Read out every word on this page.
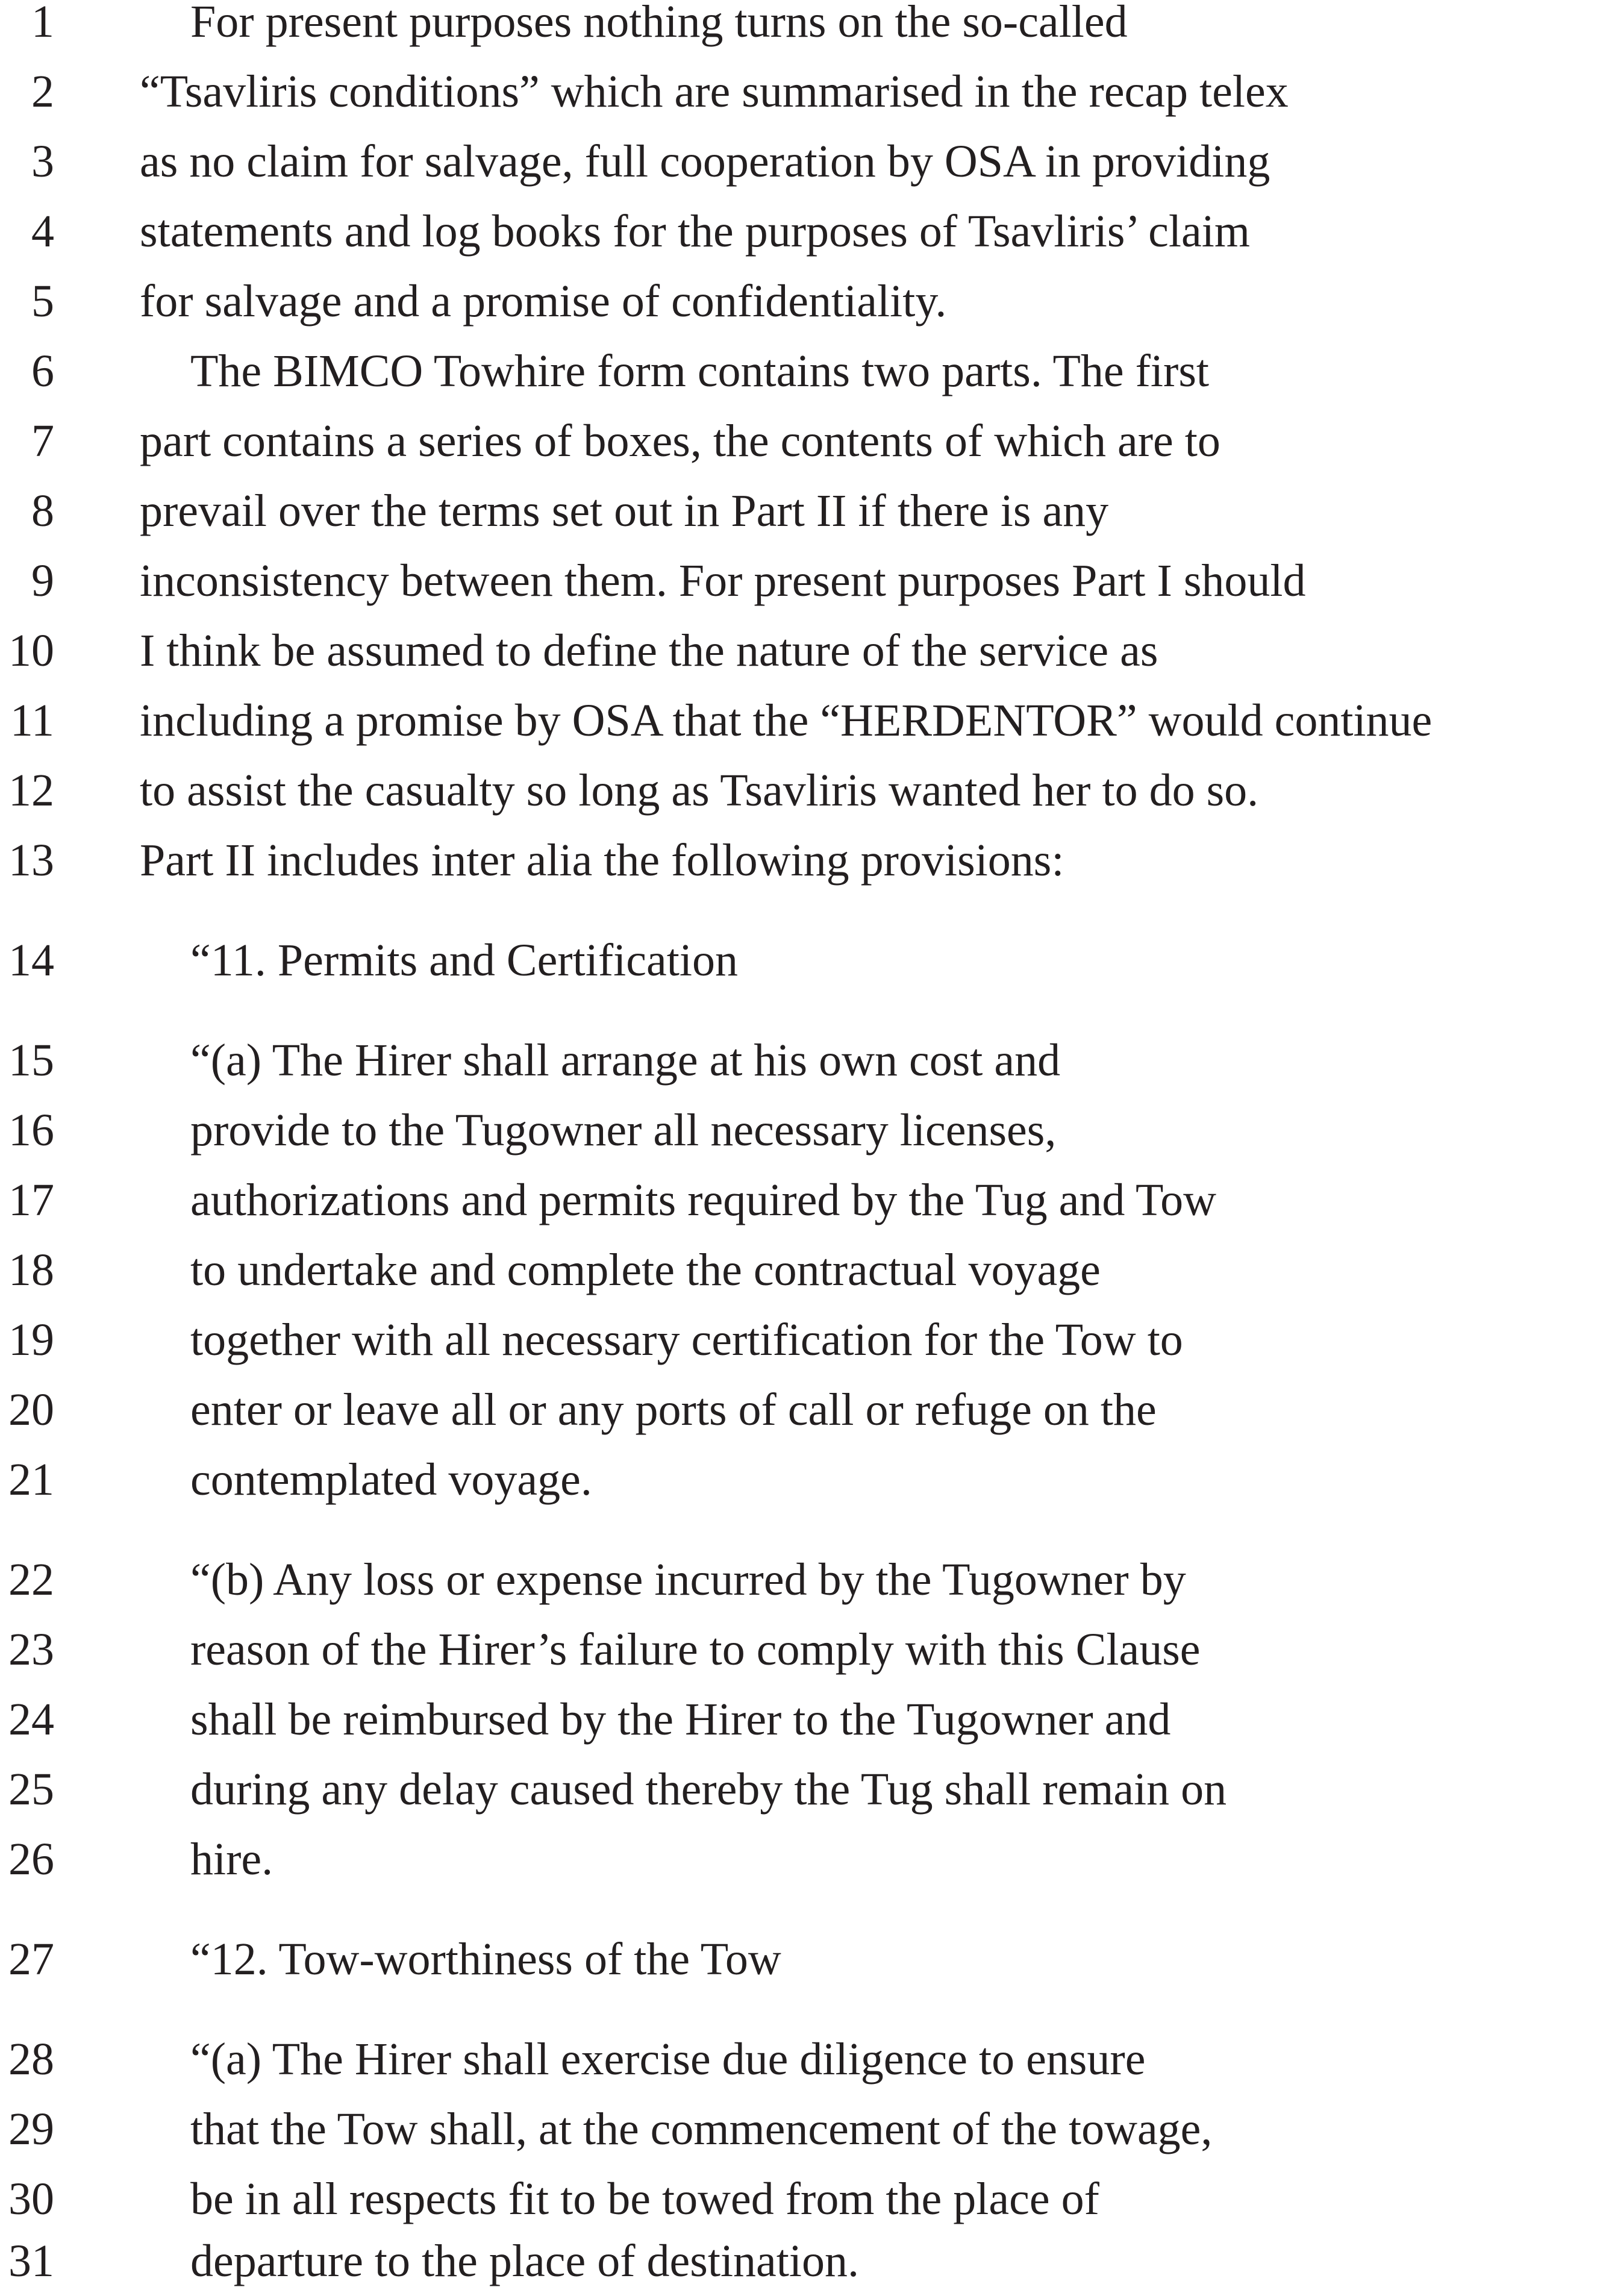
1	For present purposes nothing turns on the so-called
2 “Tsavliris conditions” which are summarised in the recap telex
3 as no claim for salvage, full cooperation by OSA in providing
4 statements and log books for the purposes of Tsavliris’ claim
5 for salvage and a promise of confidentiality.
6	The BIMCO Towhire form contains two parts. The first
7 part contains a series of boxes, the contents of which are to
8 prevail over the terms set out in Part II if there is any
9 inconsistency between them. For present purposes Part I should
10 I think be assumed to define the nature of the service as
11 including a promise by OSA that the “HERDENTOR” would continue
12 to assist the casualty so long as Tsavliris wanted her to do so.
13 Part II includes inter alia the following provisions:
14	“11. Permits and Certification
15	“(a) The Hirer shall arrange at his own cost and
16	provide to the Tugowner all necessary licenses,
17	authorizations and permits required by the Tug and Tow
18	to undertake and complete the contractual voyage
19	together with all necessary certification for the Tow to
20	enter or leave all or any ports of call or refuge on the
21	contemplated voyage.
22	“(b) Any loss or expense incurred by the Tugowner by
23	reason of the Hirer’s failure to comply with this Clause
24	shall be reimbursed by the Hirer to the Tugowner and
25	during any delay caused thereby the Tug shall remain on
26	hire.
27	“12. Tow-worthiness of the Tow
28	“(a) The Hirer shall exercise due diligence to ensure
29	that the Tow shall, at the commencement of the towage,
30	be in all respects fit to be towed from the place of
31	departure to the place of destination.
